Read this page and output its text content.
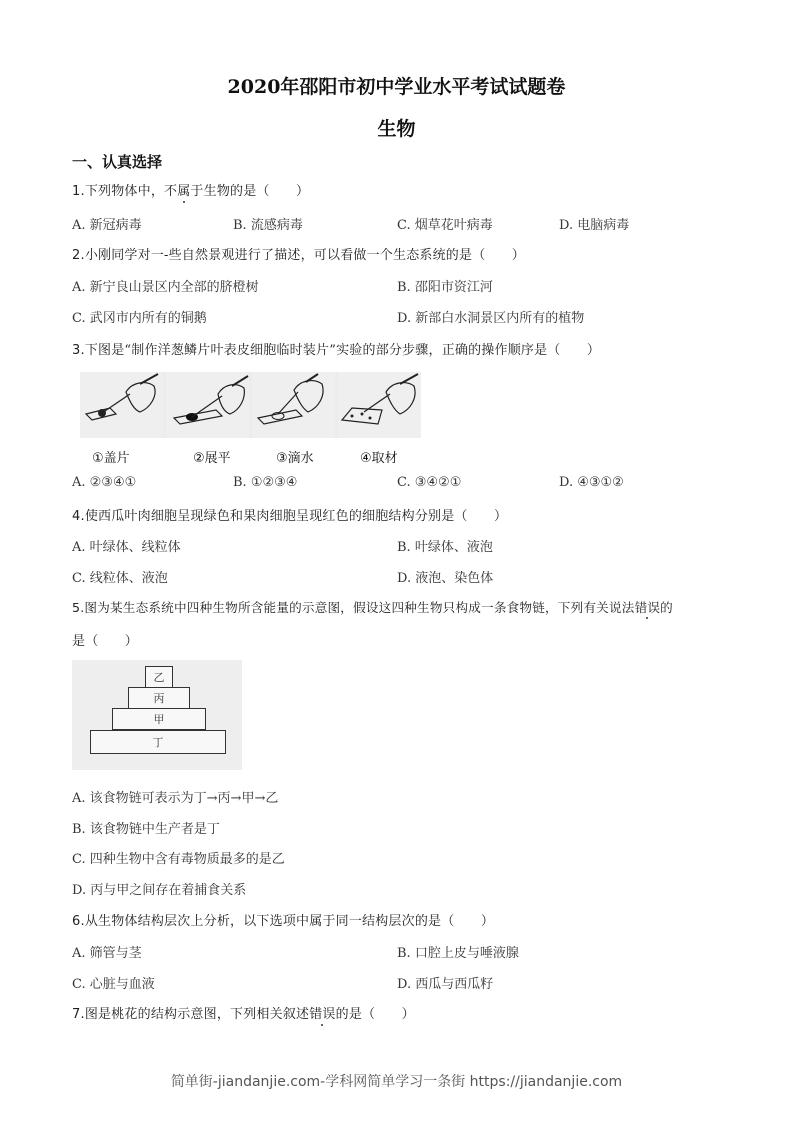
2020年邵阳市初中学业水平考试试题卷
生物
一、认真选择
1.下列物体中，不属于生物的是（　　）
A. 新冠病毒	B. 流感病毒	C. 烟草花叶病毒	D. 电脑病毒
2.小刚同学对一-些自然景观进行了描述，可以看做一个生态系统的是（　　）
A. 新宁良山景区内全部的脐橙树	B. 邵阳市资江河
C. 武冈市内所有的铜鹅	D. 新部白水洞景区内所有的植物
3.下图是“制作洋葱鳞片叶表皮细胞临时装片”实验的部分步骤，正确的操作顺序是（　　）
①盖片	②展平	③滴水	④取材
A. ②③④①	B. ①②③④	C. ③④②①	D. ④③①②
4.使西瓜叶肉细胞呈现绿色和果肉细胞呈现红色的细胞结构分别是（　　）
A. 叶绿体、线粒体	B. 叶绿体、液泡
C. 线粒体、液泡	D. 液泡、染色体
5.图为某生态系统中四种生物所含能量的示意图，假设这四种生物只构成一条食物链，下列有关说法错误的
是（　　）
乙
丙
甲
丁
A. 该食物链可表示为丁→丙→甲→乙
B. 该食物链中生产者是丁
C. 四种生物中含有毒物质最多的是乙
D. 丙与甲之间存在着捕食关系
6.从生物体结构层次上分析，以下选项中属于同一结构层次的是（　　）
A. 筛管与茎	B. 口腔上皮与唾液腺
C. 心脏与血液	D. 西瓜与西瓜籽
7.图是桃花的结构示意图，下列相关叙述错误的是（　　）
简单街-jiandanjie.com-学科网简单学习一条街 https://jiandanjie.com
